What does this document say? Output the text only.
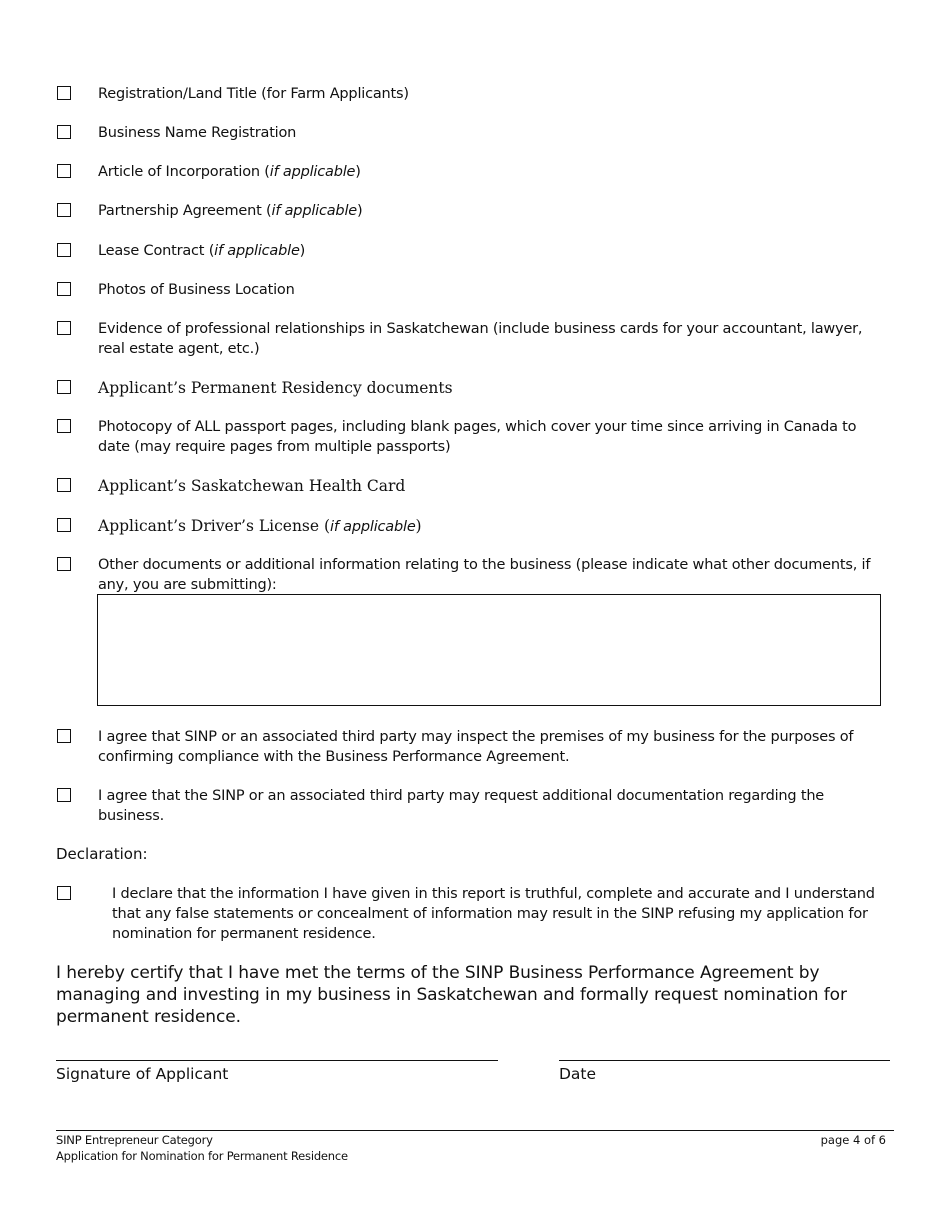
Registration/Land Title (for Farm Applicants)
Business Name Registration
Article of Incorporation (if applicable)
Partnership Agreement (if applicable)
Lease Contract (if applicable)
Photos of Business Location
Evidence of professional relationships in Saskatchewan (include business cards for your accountant, lawyer, real estate agent, etc.)
Applicant’s Permanent Residency documents
Photocopy of ALL passport pages, including blank pages, which cover your time since arriving in Canada to date (may require pages from multiple passports)
Applicant’s Saskatchewan Health Card
Applicant’s Driver’s License (if applicable)
Other documents or additional information relating to the business (please indicate what other documents, if any, you are submitting):
I agree that SINP or an associated third party may inspect the premises of my business for the purposes of confirming compliance with the Business Performance Agreement.
I agree that the SINP or an associated third party may request additional documentation regarding the business.
Declaration:
I declare that the information I have given in this report is truthful, complete and accurate and I understand that any false statements or concealment of information may result in the SINP refusing my application for nomination for permanent residence.
I hereby certify that I have met the terms of the SINP Business Performance Agreement by managing and investing in my business in Saskatchewan and formally request nomination for permanent residence.
Signature of Applicant	Date
SINP Entrepreneur Category
Application for Nomination for Permanent Residence
page 4 of 6
